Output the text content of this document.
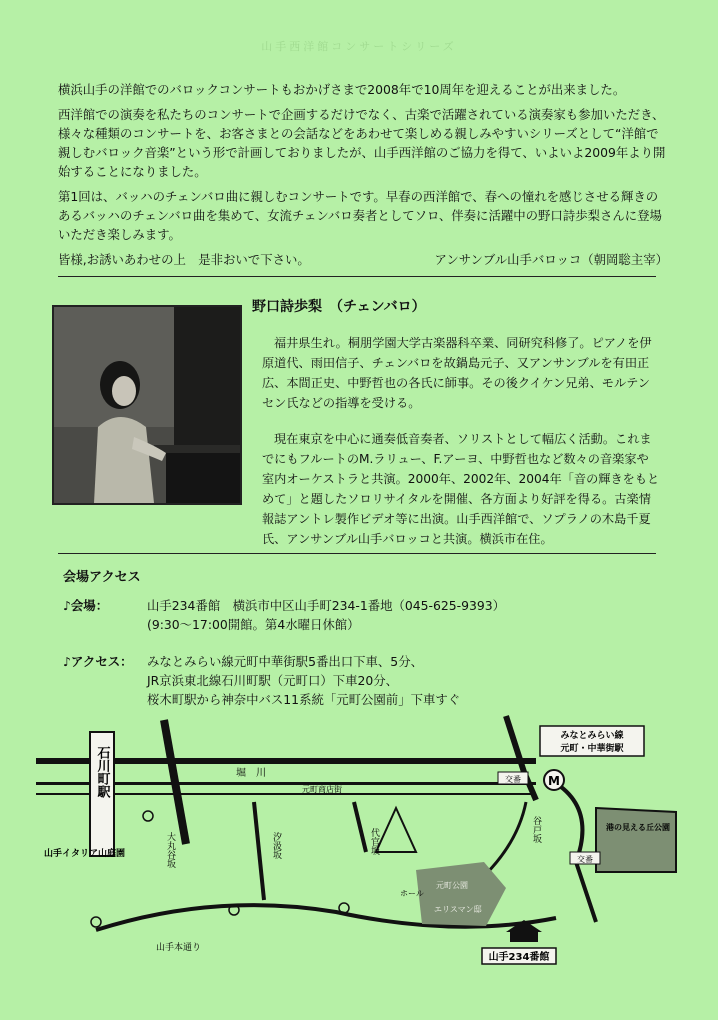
山手西洋館コンサートシリーズ

横浜山手の洋館でのバロックコンサートもおかげさまで2008年で10周年を迎えることが出来ました。

西洋館での演奏を私たちのコンサートで企画するだけでなく、古楽で活躍されている演奏家も参加いただき、様々な種類のコンサートを、お客さまとの会話などをあわせて楽しめる親しみやすいシリーズとして“洋館で親しむバロック音楽”という形で計画しておりましたが、山手西洋館のご協力を得て、いよいよ2009年より開始することになりました。

第1回は、バッハのチェンバロ曲に親しむコンサートです。早春の西洋館で、春への憧れを感じさせる輝きのあるバッハのチェンバロ曲を集めて、女流チェンバロ奏者としてソロ、伴奏に活躍中の野口詩歩梨さんに登場いただき楽しみます。

皆様,お誘いあわせの上　是非おいで下さい。	アンサンブル山手バロッコ（朝岡聡主宰）
野口詩歩梨　（チェンバロ）

福井県生れ。桐朋学園大学古楽器科卒業、同研究科修了。ピアノを伊原道代、雨田信子、チェンバロを故鍋島元子、又アンサンブルを有田正広、本間正史、中野哲也の各氏に師事。その後クイケン兄弟、モルテンセン氏などの指導を受ける。

現在東京を中心に通奏低音奏者、ソリストとして幅広く活動。これまでにもフルートのM.ラリュー、F.アーヨ、中野哲也など数々の音楽家や室内オーケストラと共演。2000年、2002年、2004年「音の輝きをもとめて」と題したソロリサイタルを開催、各方面より好評を得る。古楽情報誌アントレ製作ビデオ等に出演。山手西洋館で、ソプラノの木島千夏氏、アンサンブル山手バロッコと共演。横浜市在住。

会場アクセス
♪会場：	山手234番館　横浜市中区山手町234-1番地（045-625-9393）
(9:30～17:00開館。第4水曜日休館）
♪アクセス：	みなとみらい線元町中華街駅5番出口下車、5分、
JR京浜東北線石川町駅（元町口）下車20分、
桜木町駅から神奈中バス11系統「元町公園前」下車すぐ
石川町駅
みなとみらい線
元町・中華街駅
M
交番
交番
堀　川
元町商店街
山手イタリア山庭園	大丸谷坂	汐汲坂	代官坂	谷戸坂	港の見える丘公園
ホール
元町公園
エリスマン邸
山手本通り
山手234番館
